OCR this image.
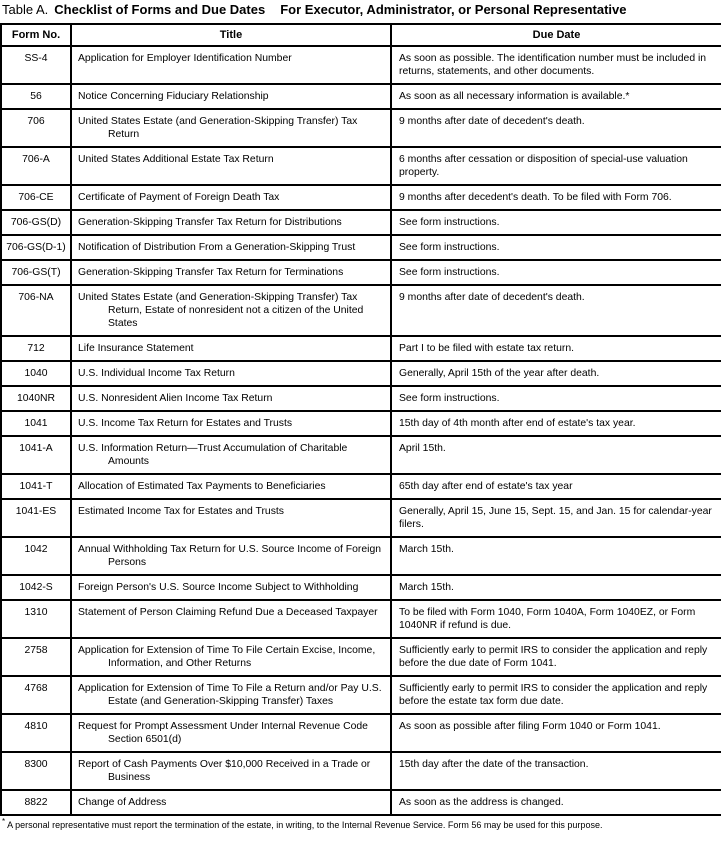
Table A. Checklist of Forms and Due Dates For Executor, Administrator, or Personal Representative
Form No.	Title	Due Date
SS-4	Application for Employer Identification Number	As soon as possible. The identification number must be included in returns, statements, and other documents.
56	Notice Concerning Fiduciary Relationship	As soon as all necessary information is available.*
706	United States Estate (and Generation-Skipping Transfer) Tax Return	9 months after date of decedent's death.
706-A	United States Additional Estate Tax Return	6 months after cessation or disposition of special-use valuation property.
706-CE	Certificate of Payment of Foreign Death Tax	9 months after decedent's death. To be filed with Form 706.
706-GS(D)	Generation-Skipping Transfer Tax Return for Distributions	See form instructions.
706-GS(D-1)	Notification of Distribution From a Generation-Skipping Trust	See form instructions.
706-GS(T)	Generation-Skipping Transfer Tax Return for Terminations	See form instructions.
706-NA	United States Estate (and Generation-Skipping Transfer) Tax Return, Estate of nonresident not a citizen of the United States	9 months after date of decedent's death.
712	Life Insurance Statement	Part I to be filed with estate tax return.
1040	U.S. Individual Income Tax Return	Generally, April 15th of the year after death.
1040NR	U.S. Nonresident Alien Income Tax Return	See form instructions.
1041	U.S. Income Tax Return for Estates and Trusts	15th day of 4th month after end of estate's tax year.
1041-A	U.S. Information Return—Trust Accumulation of Charitable Amounts	April 15th.
1041-T	Allocation of Estimated Tax Payments to Beneficiaries	65th day after end of estate's tax year
1041-ES	Estimated Income Tax for Estates and Trusts	Generally, April 15, June 15, Sept. 15, and Jan. 15 for calendar-year filers.
1042	Annual Withholding Tax Return for U.S. Source Income of Foreign Persons	March 15th.
1042-S	Foreign Person's U.S. Source Income Subject to Withholding	March 15th.
1310	Statement of Person Claiming Refund Due a Deceased Taxpayer	To be filed with Form 1040, Form 1040A, Form 1040EZ, or Form 1040NR if refund is due.
2758	Application for Extension of Time To File Certain Excise, Income, Information, and Other Returns	Sufficiently early to permit IRS to consider the application and reply before the due date of Form 1041.
4768	Application for Extension of Time To File a Return and/or Pay U.S. Estate (and Generation-Skipping Transfer) Taxes	Sufficiently early to permit IRS to consider the application and reply before the estate tax form due date.
4810	Request for Prompt Assessment Under Internal Revenue Code Section 6501(d)	As soon as possible after filing Form 1040 or Form 1041.
8300	Report of Cash Payments Over $10,000 Received in a Trade or Business	15th day after the date of the transaction.
8822	Change of Address	As soon as the address is changed.
* A personal representative must report the termination of the estate, in writing, to the Internal Revenue Service. Form 56 may be used for this purpose.
